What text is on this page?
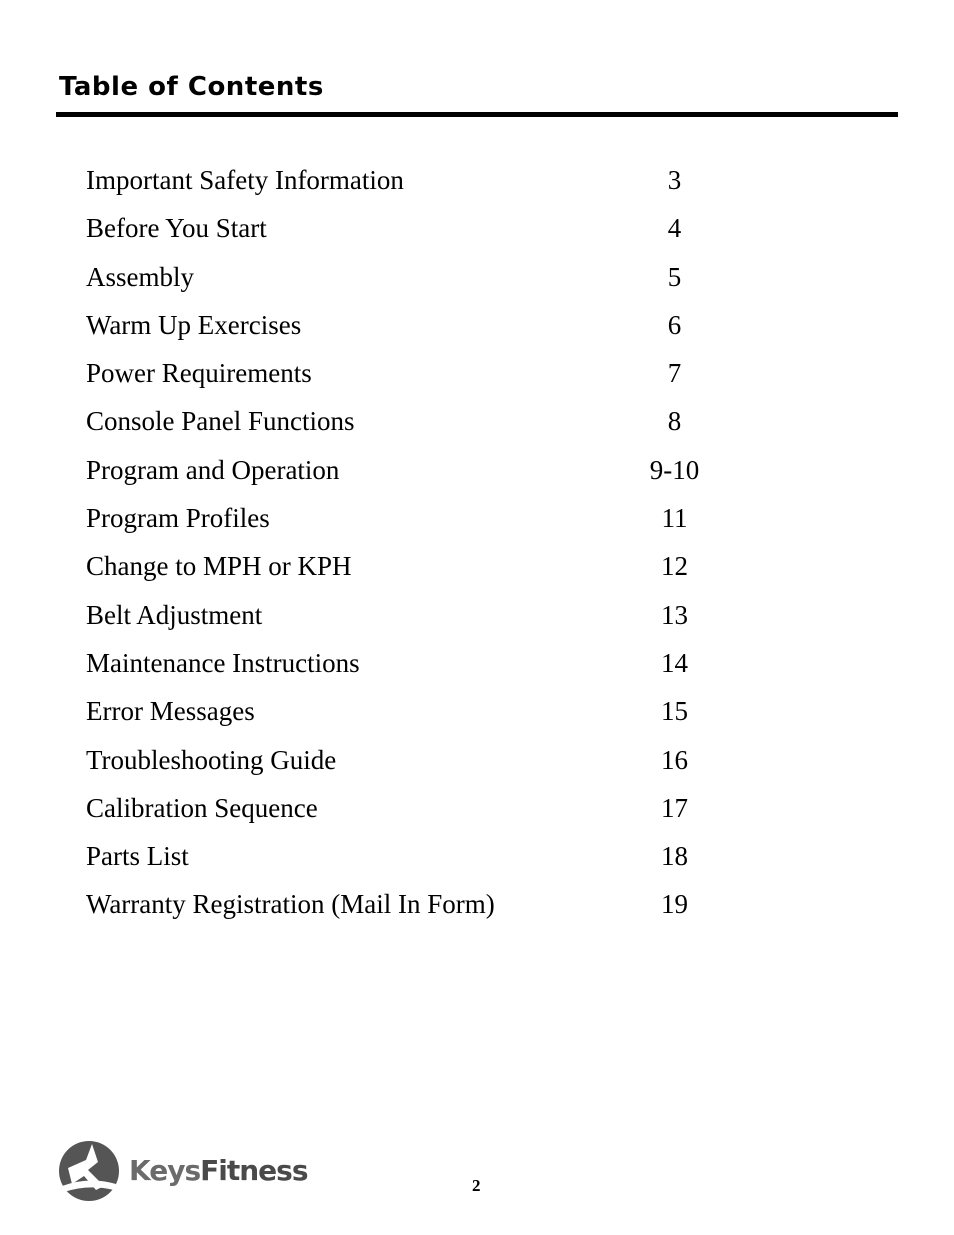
Table of Contents
Important Safety Information	3
Before You Start	4
Assembly	5
Warm Up Exercises	6
Power Requirements	7
Console Panel Functions	8
Program and Operation	9-10
Program Profiles	11
Change to MPH or KPH	12
Belt Adjustment	13
Maintenance Instructions	14
Error Messages	15
Troubleshooting Guide	16
Calibration Sequence	17
Parts List	18
Warranty Registration (Mail In Form)	19
KeysFitness	2
